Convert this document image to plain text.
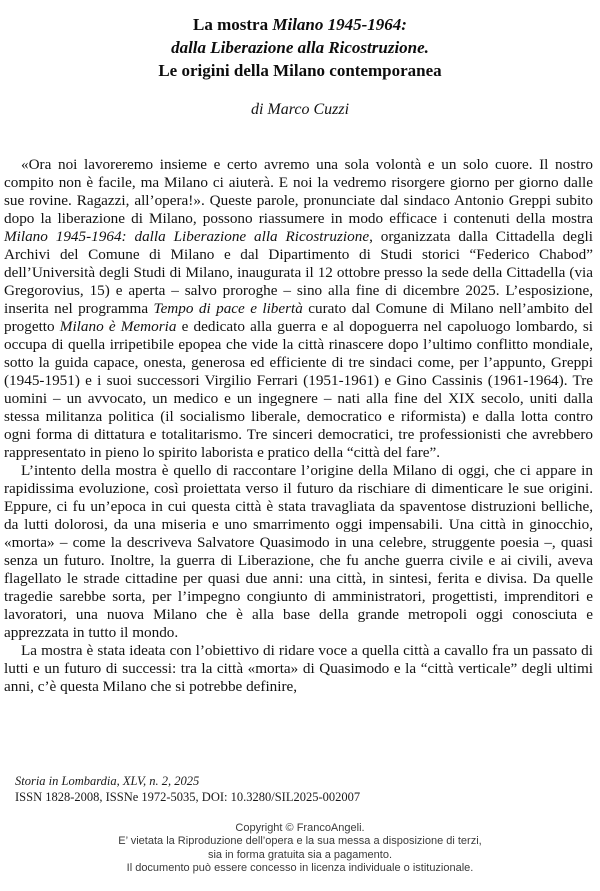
La mostra Milano 1945-1964:
dalla Liberazione alla Ricostruzione.
Le origini della Milano contemporanea
di Marco Cuzzi

«Ora noi lavoreremo insieme e certo avremo una sola volontà e un solo cuore. Il nostro compito non è facile, ma Milano ci aiuterà. E noi la vedremo risorgere giorno per giorno dalle sue rovine. Ragazzi, all’opera!». Queste parole, pronunciate dal sindaco Antonio Greppi subito dopo la liberazione di Milano, possono riassumere in modo efficace i contenuti della mostra Milano 1945-1964: dalla Liberazione alla Ricostruzione, organizzata dalla Cittadella degli Archivi del Comune di Milano e dal Dipartimento di Studi storici “Federico Chabod” dell’Università degli Studi di Milano, inaugurata il 12 ottobre presso la sede della Cittadella (via Gregorovius, 15) e aperta – salvo proroghe – sino alla fine di dicembre 2025. L’esposizione, inserita nel programma Tempo di pace e libertà curato dal Comune di Milano nell’ambito del progetto Milano è Memoria e dedicato alla guerra e al dopoguerra nel capoluogo lombardo, si occupa di quella irripetibile epopea che vide la città rinascere dopo l’ultimo conflitto mondiale, sotto la guida capace, onesta, generosa ed efficiente di tre sindaci come, per l’appunto, Greppi (1945-1951) e i suoi successori Virgilio Ferrari (1951-1961) e Gino Cassinis (1961-1964). Tre uomini – un avvocato, un medico e un ingegnere – nati alla fine del XIX secolo, uniti dalla stessa militanza politica (il socialismo liberale, democratico e riformista) e dalla lotta contro ogni forma di dittatura e totalitarismo. Tre sinceri democratici, tre professionisti che avrebbero rappresentato in pieno lo spirito laborista e pratico della “città del fare”.

L’intento della mostra è quello di raccontare l’origine della Milano di oggi, che ci appare in rapidissima evoluzione, così proiettata verso il futuro da rischiare di dimenticare le sue origini. Eppure, ci fu un’epoca in cui questa città è stata travagliata da spaventose distruzioni belliche, da lutti dolorosi, da una miseria e uno smarrimento oggi impensabili. Una città in ginocchio, «morta» – come la descriveva Salvatore Quasimodo in una celebre, struggente poesia –, quasi senza un futuro. Inoltre, la guerra di Liberazione, che fu anche guerra civile e ai civili, aveva flagellato le strade cittadine per quasi due anni: una città, in sintesi, ferita e divisa. Da quelle tragedie sarebbe sorta, per l’impegno congiunto di amministratori, progettisti, imprenditori e lavoratori, una nuova Milano che è alla base della grande metropoli oggi conosciuta e apprezzata in tutto il mondo.

La mostra è stata ideata con l’obiettivo di ridare voce a quella città a cavallo fra un passato di lutti e un futuro di successi: tra la città «morta» di Quasimodo e la “città verticale” degli ultimi anni, c’è questa Milano che si potrebbe definire,

Storia in Lombardia, XLV, n. 2, 2025
ISSN 1828-2008, ISSNe 1972-5035, DOI: 10.3280/SIL2025-002007
Copyright © FrancoAngeli.
E’ vietata la Riproduzione dell’opera e la sua messa a disposizione di terzi,
sia in forma gratuita sia a pagamento.
Il documento può essere concesso in licenza individuale o istituzionale.
